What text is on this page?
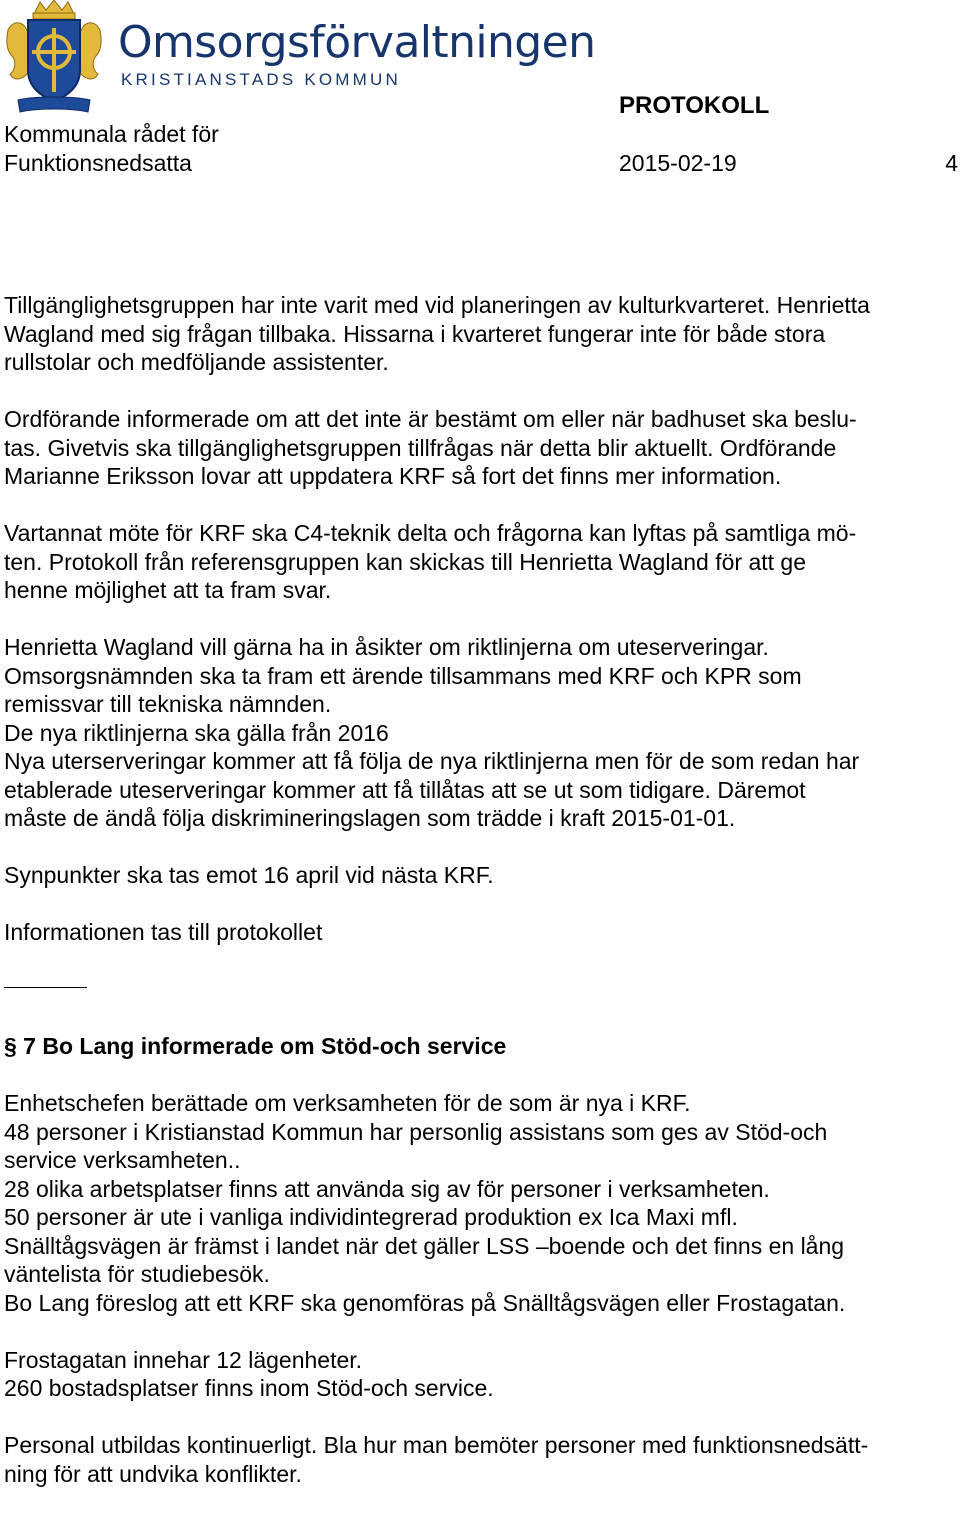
Omsorgsförvaltningen
KRISTIANSTADS KOMMUN
PROTOKOLL
Kommunala rådet för
Funktionsnedsatta	2015-02-19	4

Tillgänglighetsgruppen har inte varit med vid planeringen av kulturkvarteret. Henrietta
Wagland med sig frågan tillbaka. Hissarna i kvarteret fungerar inte för både stora
rullstolar och medföljande assistenter.

Ordförande informerade om att det inte är bestämt om eller när badhuset ska beslu-
tas. Givetvis ska tillgänglighetsgruppen tillfrågas när detta blir aktuellt. Ordförande
Marianne Eriksson lovar att uppdatera KRF så fort det finns mer information.

Vartannat möte för KRF ska C4-teknik delta och frågorna kan lyftas på samtliga mö-
ten. Protokoll från referensgruppen kan skickas till Henrietta Wagland för att ge
henne möjlighet att ta fram svar.

Henrietta Wagland vill gärna ha in åsikter om riktlinjerna om uteserveringar.
Omsorgsnämnden ska ta fram ett ärende tillsammans med KRF och KPR som
remissvar till tekniska nämnden.
De nya riktlinjerna ska gälla från 2016
Nya uterserveringar kommer att få följa de nya riktlinjerna men för de som redan har
etablerade uteserveringar kommer att få tillåtas att se ut som tidigare. Däremot
måste de ändå följa diskrimineringslagen som trädde i kraft 2015-01-01.

Synpunkter ska tas emot 16 april vid nästa KRF.

Informationen tas till protokollet

§ 7 Bo Lang informerade om Stöd-och service

Enhetschefen berättade om verksamheten för de som är nya i KRF.
48 personer i Kristianstad Kommun har personlig assistans som ges av Stöd-och
service verksamheten..
28 olika arbetsplatser finns att använda sig av för personer i verksamheten.
50 personer är ute i vanliga individintegrerad produktion ex Ica Maxi mfl.
Snälltågsvägen är främst i landet när det gäller LSS –boende och det finns en lång
väntelista för studiebesök.
Bo Lang föreslog att ett KRF ska genomföras på Snälltågsvägen eller Frostagatan.

Frostagatan innehar 12 lägenheter.
260 bostadsplatser finns inom Stöd-och service.

Personal utbildas kontinuerligt. Bla hur man bemöter personer med funktionsnedsätt-
ning för att undvika konflikter.
